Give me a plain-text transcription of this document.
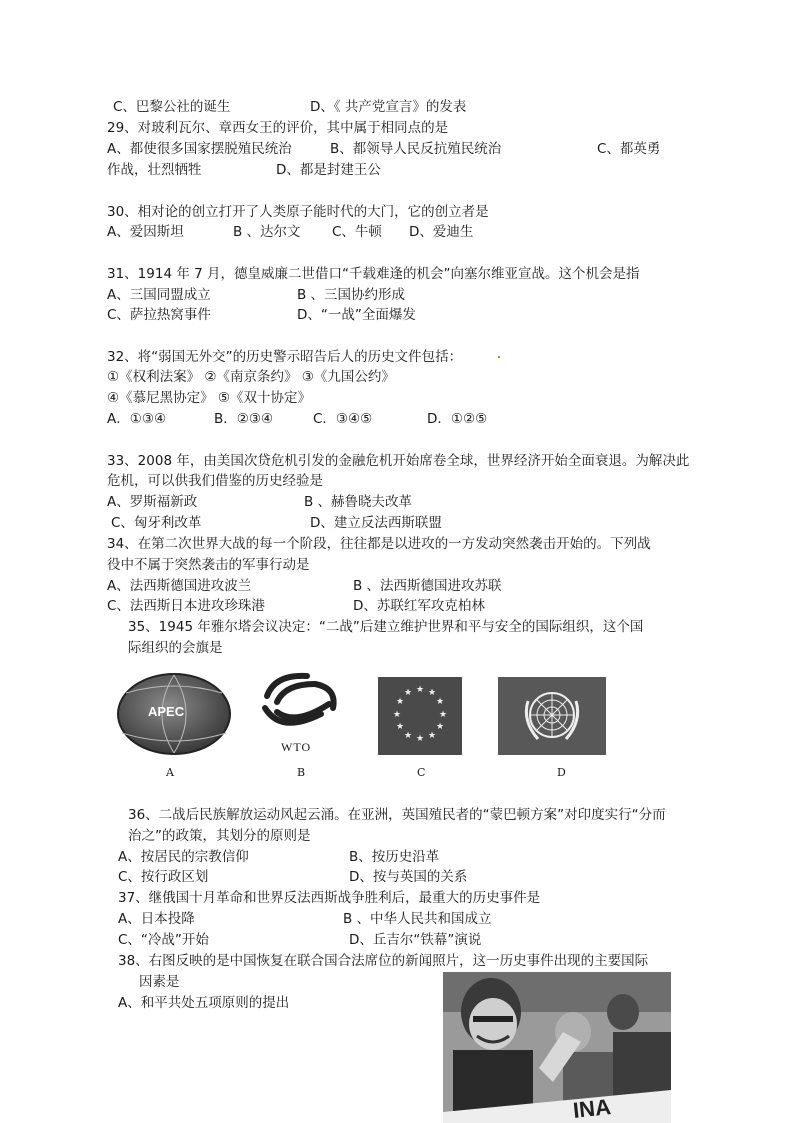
C、巴黎公社的诞生	D、《 共产党宣言》的发表
29、对玻利瓦尔、章西女王的评价，其中属于相同点的是
A、都使很多国家摆脱殖民统治	B、都领导人民反抗殖民统治	C、都英勇
作战，壮烈牺牲	D、都是封建王公
30、相对论的创立打开了人类原子能时代的大门，它的创立者是
A、爱因斯坦	B 、达尔文 C、牛顿 D、爱迪生
31、1914 年 7 月，德皇威廉二世借口“千载难逢的机会”向塞尔维亚宣战。这个机会是指
A、三国同盟成立	B 、三国协约形成
C、萨拉热窝事件	D、“一战”全面爆发
32、将“弱国无外交”的历史警示昭告后人的历史文件包括：
①《权利法案》 ②《南京条约》 ③《九国公约》
④《慕尼黑协定》 ⑤《双十协定》
A．①③④	B．②③④	C．③④⑤	D．①②⑤
33、2008 年，由美国次贷危机引发的金融危机开始席卷全球，世界经济开始全面衰退。为解决此
危机，可以供我们借鉴的历史经验是
A、罗斯福新政	B 、赫鲁晓夫改革
C、匈牙利改革	D、建立反法西斯联盟
34、在第二次世界大战的每一个阶段，往往都是以进攻的一方发动突然袭击开始的。下列战
役中不属于突然袭击的军事行动是
A、法西斯德国进攻波兰	B 、法西斯德国进攻苏联
C、法西斯日本进攻珍珠港	D、苏联红军攻克柏林
35、1945 年雅尔塔会议决定：“二战”后建立维护世界和平与安全的国际组织，这个国
际组织的会旗是
APEC
WTO
★ ★
★
★
★
★
★
★
★
★
★
★
A	B	C	D
36、二战后民族解放运动风起云涌。在亚洲，英国殖民者的“蒙巴顿方案”对印度实行“分而
治之”的政策，其划分的原则是
A、按居民的宗教信仰	B、按历史沿革
C、按行政区划	D、按与英国的关系
37、继俄国十月革命和世界反法西斯战争胜利后，最重大的历史事件是
A、日本投降	B 、中华人民共和国成立
C、“冷战”开始	D、丘吉尔“铁幕”演说
38、右图反映的是中国恢复在联合国合法席位的新闻照片，这一历史事件出现的主要国际
因素是
A、和平共处五项原则的提出
INA
